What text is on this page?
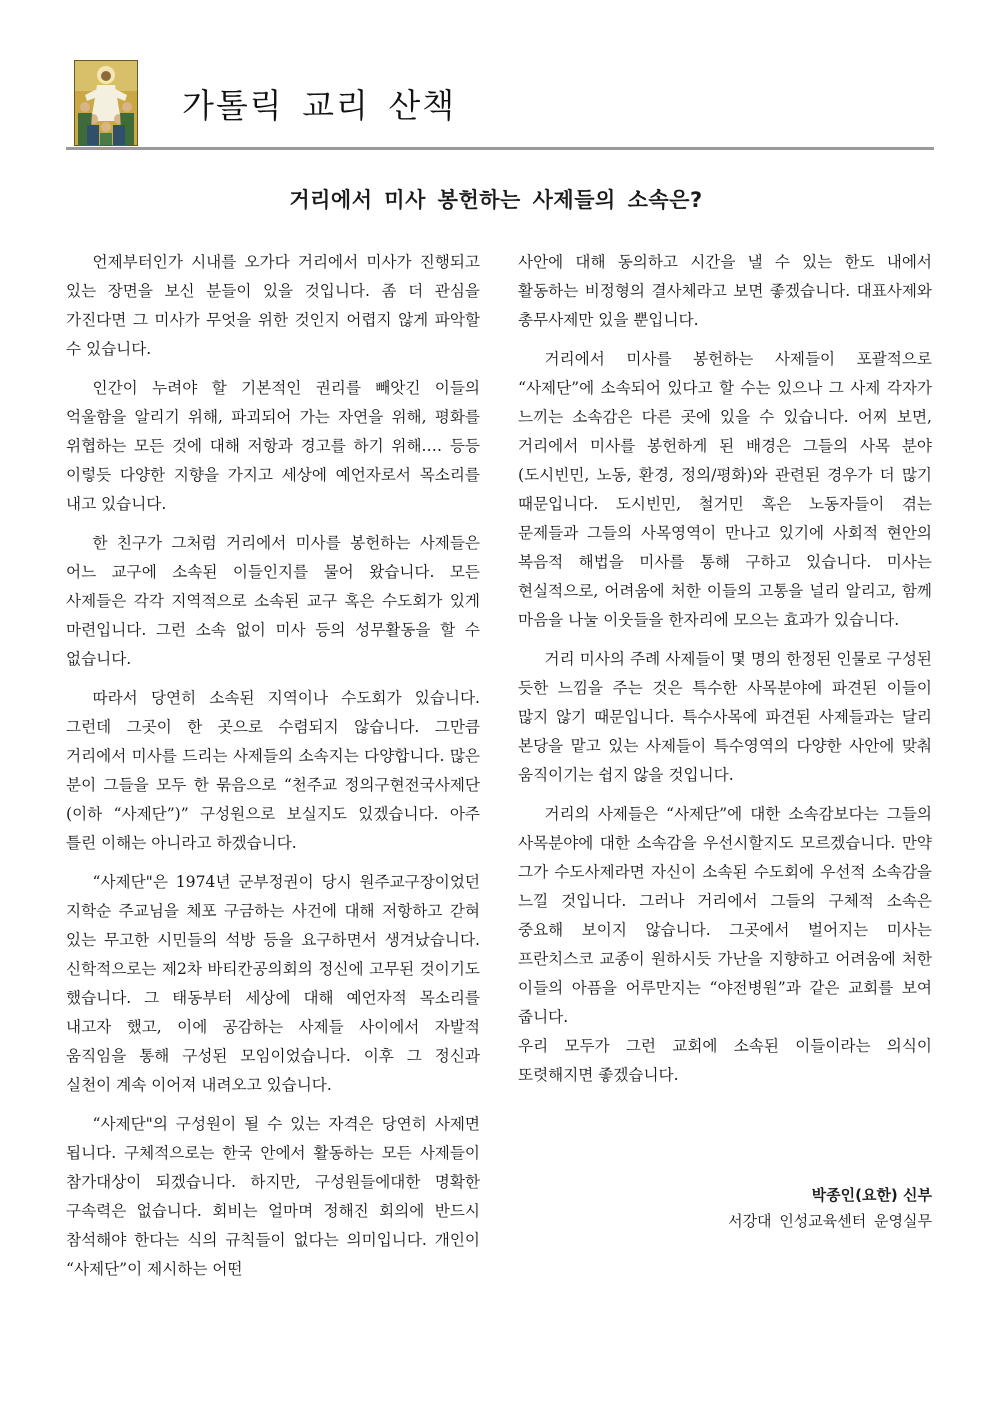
가톨릭 교리 산책
거리에서 미사 봉헌하는 사제들의 소속은?

언제부터인가 시내를 오가다 거리에서 미사가 진행되고 있는 장면을 보신 분들이 있을 것입니다. 좀 더 관심을 가진다면 그 미사가 무엇을 위한 것인지 어렵지 않게 파악할 수 있습니다.

인간이 누려야 할 기본적인 권리를 빼앗긴 이들의 억울함을 알리기 위해, 파괴되어 가는 자연을 위해, 평화를 위협하는 모든 것에 대해 저항과 경고를 하기 위해.… 등등 이렇듯 다양한 지향을 가지고 세상에 예언자로서 목소리를 내고 있습니다.

한 친구가 그처럼 거리에서 미사를 봉헌하는 사제들은 어느 교구에 소속된 이들인지를 물어 왔습니다. 모든 사제들은 각각 지역적으로 소속된 교구 혹은 수도회가 있게 마련입니다. 그런 소속 없이 미사 등의 성무활동을 할 수 없습니다.

따라서 당연히 소속된 지역이나 수도회가 있습니다. 그런데 그곳이 한 곳으로 수렴되지 않습니다. 그만큼 거리에서 미사를 드리는 사제들의 소속지는 다양합니다. 많은 분이 그들을 모두 한 묶음으로 “천주교 정의구현전국사제단(이하 “사제단”)” 구성원으로 보실지도 있겠습니다. 아주 틀린 이해는 아니라고 하겠습니다.

“사제단"은 1974년 군부정권이 당시 원주교구장이었던 지학순 주교님을 체포 구금하는 사건에 대해 저항하고 갇혀 있는 무고한 시민들의 석방 등을 요구하면서 생겨났습니다. 신학적으로는 제2차 바티칸공의회의 정신에 고무된 것이기도 했습니다. 그 태동부터 세상에 대해 예언자적 목소리를 내고자 했고, 이에 공감하는 사제들 사이에서 자발적 움직임을 통해 구성된 모임이었습니다. 이후 그 정신과 실천이 계속 이어져 내려오고 있습니다.

“사제단"의 구성원이 될 수 있는 자격은 당연히 사제면 됩니다. 구체적으로는 한국 안에서 활동하는 모든 사제들이 참가대상이 되겠습니다. 하지만, 구성원들에대한 명확한 구속력은 없습니다. 회비는 얼마며 정해진 회의에 반드시 참석해야 한다는 식의 규칙들이 없다는 의미입니다. 개인이 “사제단”이 제시하는 어떤

사안에 대해 동의하고 시간을 낼 수 있는 한도 내에서 활동하는 비정형의 결사체라고 보면 좋겠습니다. 대표사제와 총무사제만 있을 뿐입니다.

거리에서 미사를 봉헌하는 사제들이 포괄적으로 “사제단”에 소속되어 있다고 할 수는 있으나 그 사제 각자가 느끼는 소속감은 다른 곳에 있을 수 있습니다. 어찌 보면, 거리에서 미사를 봉헌하게 된 배경은 그들의 사목 분야(도시빈민, 노동, 환경, 정의/평화)와 관련된 경우가 더 많기 때문입니다. 도시빈민, 철거민 혹은 노동자들이 겪는 문제들과 그들의 사목영역이 만나고 있기에 사회적 현안의 복음적 해법을 미사를 통해 구하고 있습니다. 미사는 현실적으로, 어려움에 처한 이들의 고통을 널리 알리고, 함께 마음을 나눌 이웃들을 한자리에 모으는 효과가 있습니다.

거리 미사의 주례 사제들이 몇 명의 한정된 인물로 구성된 듯한 느낌을 주는 것은 특수한 사목분야에 파견된 이들이 많지 않기 때문입니다. 특수사목에 파견된 사제들과는 달리 본당을 맡고 있는 사제들이 특수영역의 다양한 사안에 맞춰 움직이기는 쉽지 않을 것입니다.

거리의 사제들은 “사제단”에 대한 소속감보다는 그들의 사목분야에 대한 소속감을 우선시할지도 모르겠습니다. 만약 그가 수도사제라면 자신이 소속된 수도회에 우선적 소속감을 느낄 것입니다. 그러나 거리에서 그들의 구체적 소속은 중요해 보이지 않습니다. 그곳에서 벌어지는 미사는 프란치스코 교종이 원하시듯 가난을 지향하고 어려움에 처한 이들의 아픔을 어루만지는 “야전병원”과 같은 교회를 보여 줍니다.

우리 모두가 그런 교회에 소속된 이들이라는 의식이 또렷해지면 좋겠습니다.

박종인(요한) 신부
서강대 인성교육센터 운영실무
